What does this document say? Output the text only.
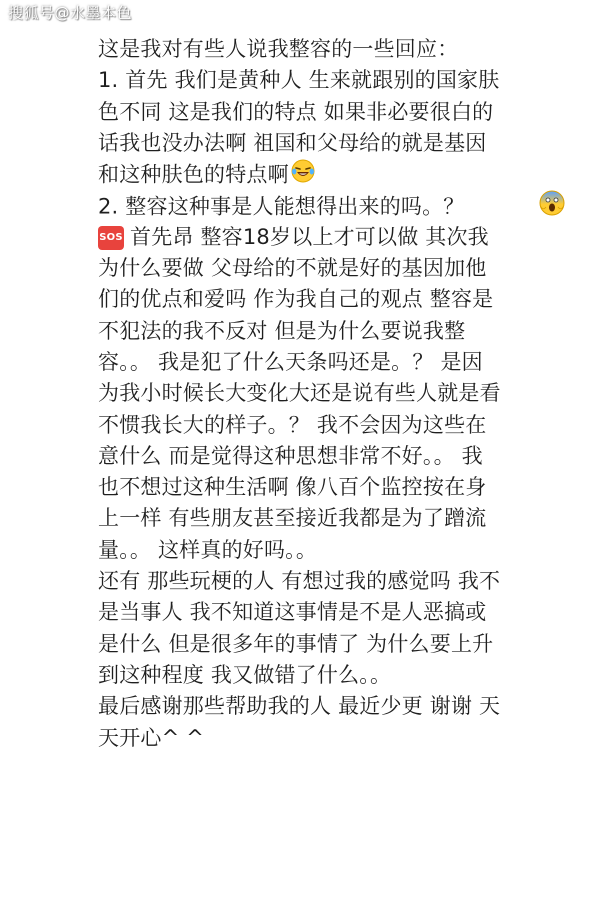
搜狐号@水墨本色
这是我对有些人说我整容的一些回应：
1. 首先 我们是黄种人 生来就跟别的国家肤
色不同 这是我们的特点 如果非必要很白的
话我也没办法啊 祖国和父母给的就是基因
和这种肤色的特点啊
2. 整容这种事是人能想得出来的吗。？
SOS 首先昂 整容18岁以上才可以做 其次我
为什么要做 父母给的不就是好的基因加他
们的优点和爱吗 作为我自己的观点 整容是
不犯法的我不反对 但是为什么要说我整
容。。 我是犯了什么天条吗还是。？ 是因
为我小时候长大变化大还是说有些人就是看
不惯我长大的样子。？ 我不会因为这些在
意什么 而是觉得这种思想非常不好。。 我
也不想过这种生活啊 像八百个监控按在身
上一样 有些朋友甚至接近我都是为了蹭流
量。。 这样真的好吗。。
还有 那些玩梗的人 有想过我的感觉吗 我不
是当事人 我不知道这事情是不是人恶搞或
是什么 但是很多年的事情了 为什么要上升
到这种程度 我又做错了什么。。
最后感谢那些帮助我的人 最近少更 谢谢 天
天开心^ ^
